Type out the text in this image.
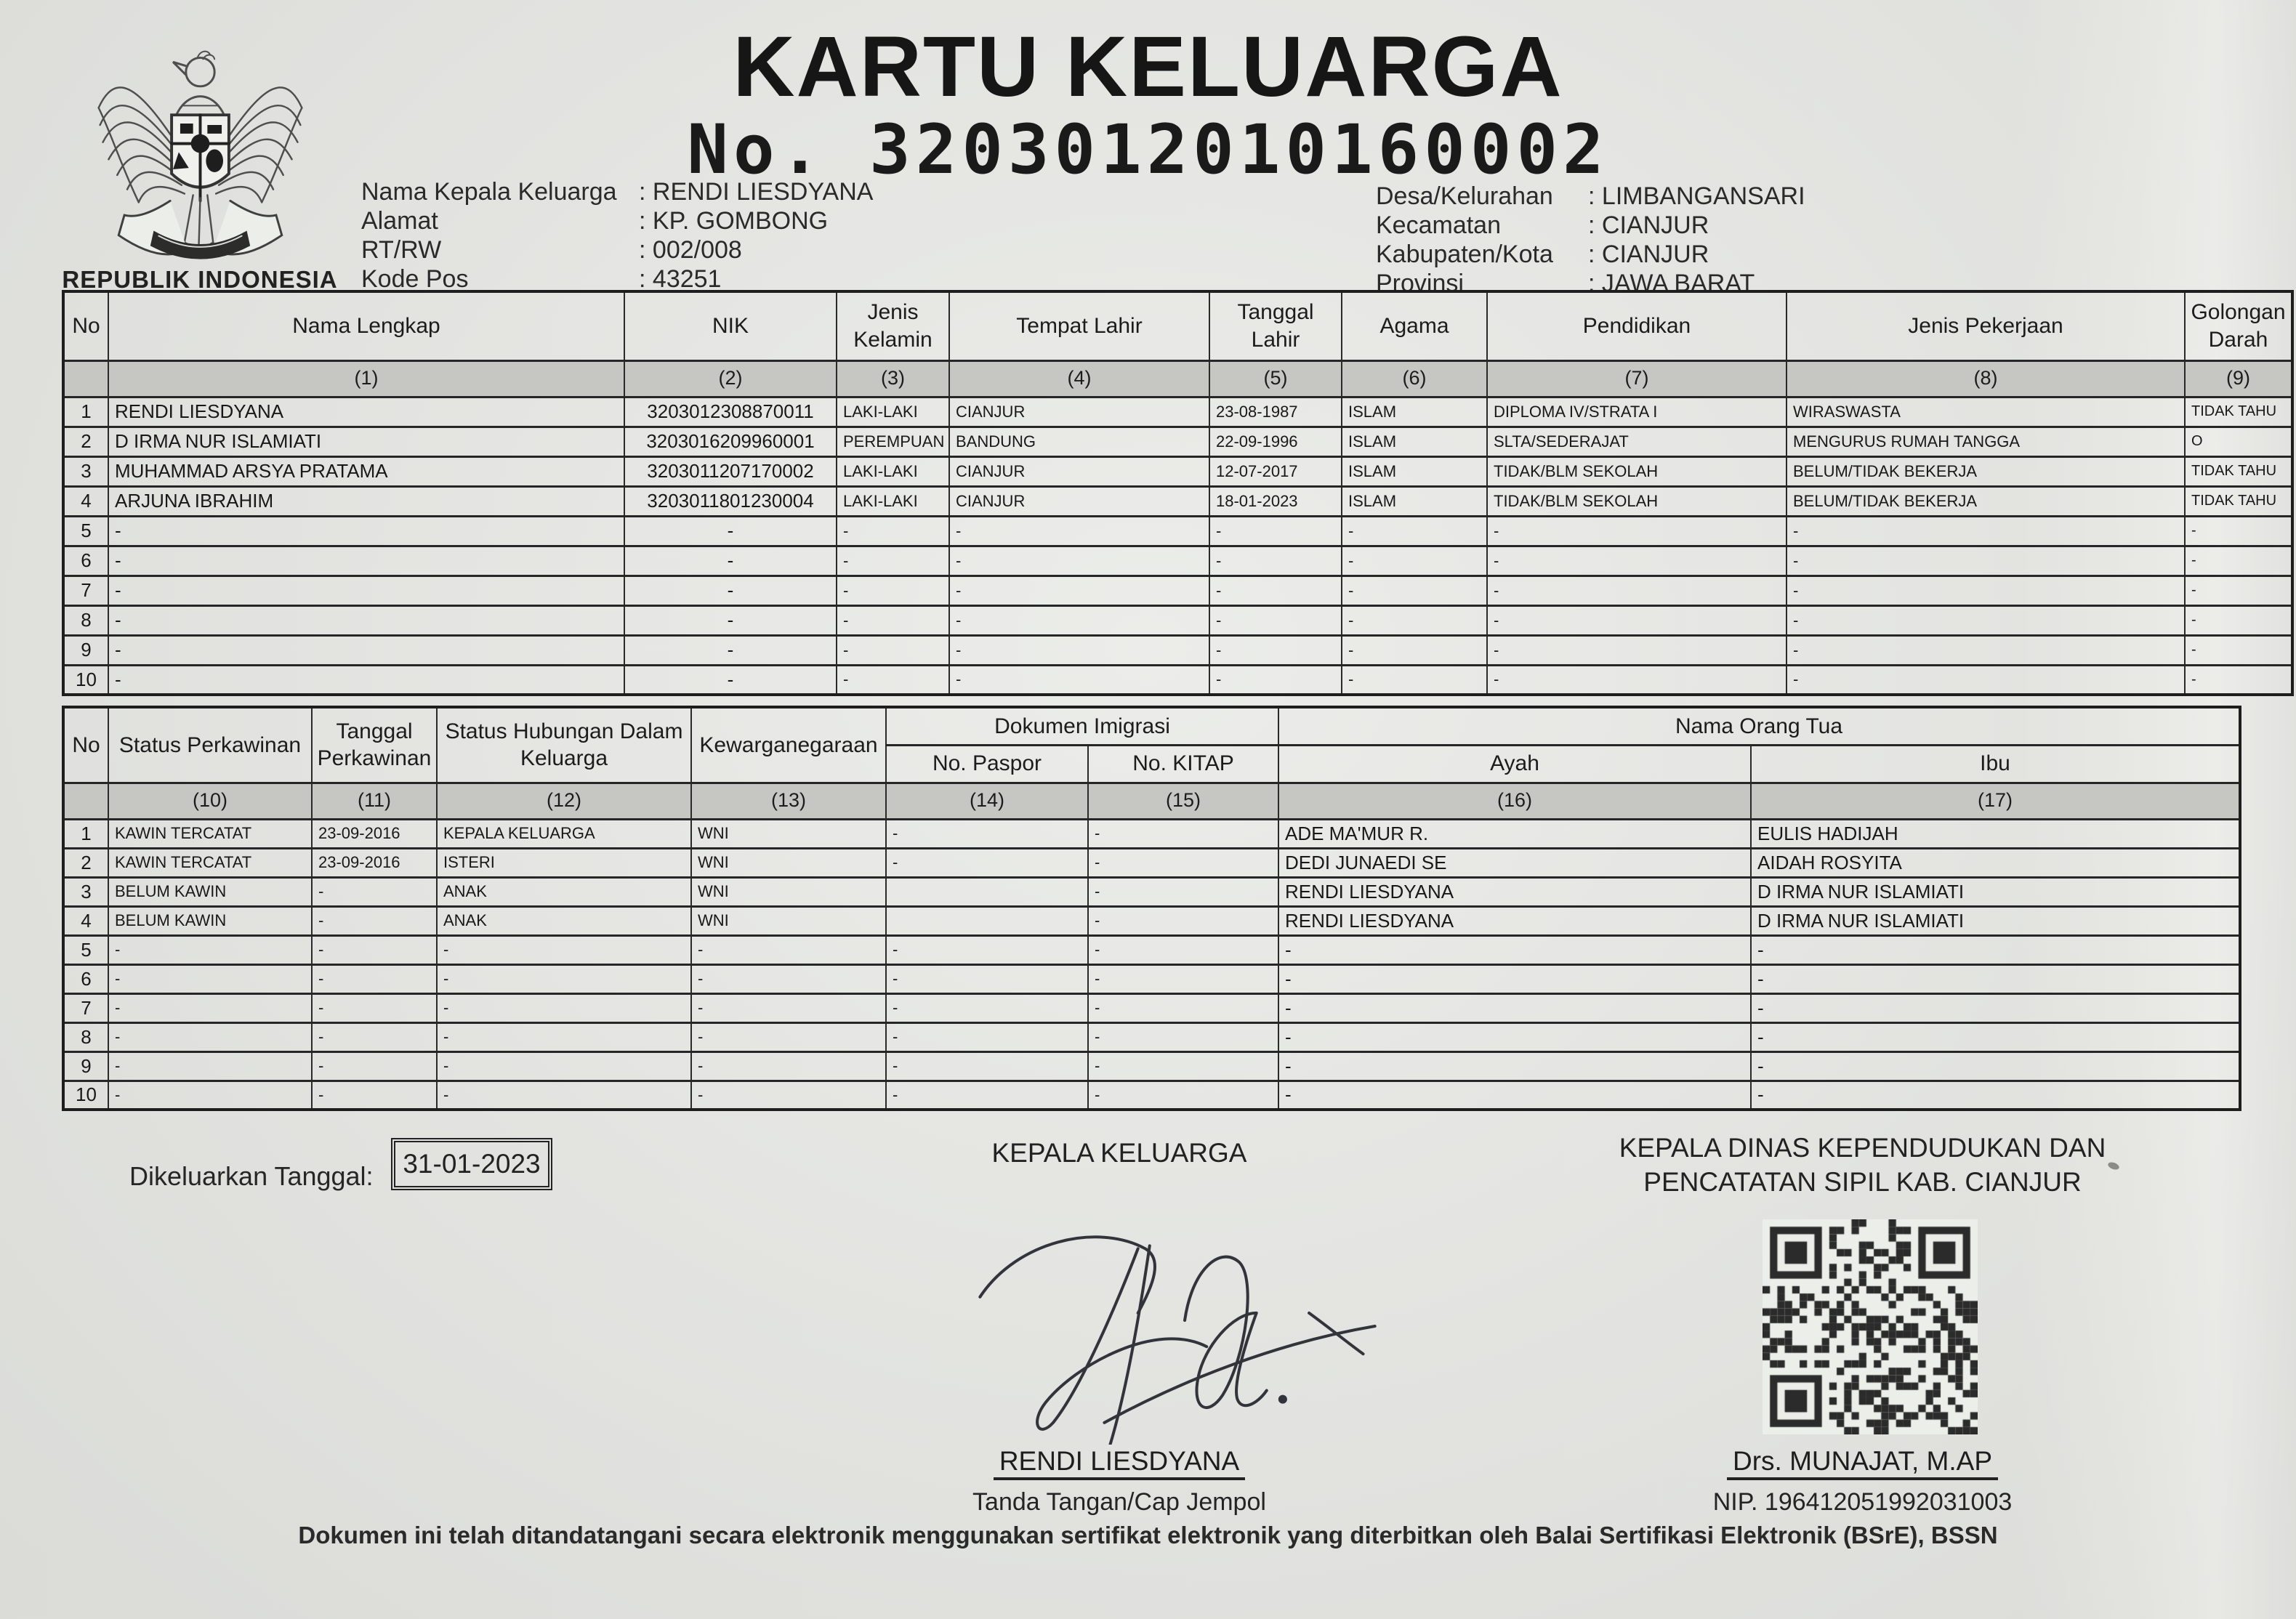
REPUBLIK INDONESIA
KARTU KELUARGA
No. 3203012010160002
Nama Kepala Keluarga	: RENDI LIESDYANA
Alamat	: KP. GOMBONG
RT/RW	: 002/008
Kode Pos	: 43251
Desa/Kelurahan	: LIMBANGANSARI
Kecamatan	: CIANJUR
Kabupaten/Kota	: CIANJUR
Provinsi	: JAWA BARAT
No	Nama Lengkap	NIK	Jenis Kelamin	Tempat Lahir	Tanggal Lahir	Agama	Pendidikan	Jenis Pekerjaan	Golongan Darah
	(1)	(2)	(3)	(4)	(5)	(6)	(7)	(8)	(9)
1	RENDI LIESDYANA	3203012308870011	LAKI-LAKI	CIANJUR	23-08-1987	ISLAM	DIPLOMA IV/STRATA I	WIRASWASTA	TIDAK TAHU
2	D IRMA NUR ISLAMIATI	3203016209960001	PEREMPUAN	BANDUNG	22-09-1996	ISLAM	SLTA/SEDERAJAT	MENGURUS RUMAH TANGGA	O
3	MUHAMMAD ARSYA PRATAMA	3203011207170002	LAKI-LAKI	CIANJUR	12-07-2017	ISLAM	TIDAK/BLM SEKOLAH	BELUM/TIDAK BEKERJA	TIDAK TAHU
4	ARJUNA IBRAHIM	3203011801230004	LAKI-LAKI	CIANJUR	18-01-2023	ISLAM	TIDAK/BLM SEKOLAH	BELUM/TIDAK BEKERJA	TIDAK TAHU
5	-	-	-	-	-	-	-	-	-
6	-	-	-	-	-	-	-	-	-
7	-	-	-	-	-	-	-	-	-
8	-	-	-	-	-	-	-	-	-
9	-	-	-	-	-	-	-	-	-
10	-	-	-	-	-	-	-	-	-
No	Status Perkawinan	Tanggal Perkawinan	Status Hubungan Dalam Keluarga	Kewarganegaraan	Dokumen Imigrasi		Nama Orang Tua	
					No. Paspor	No. KITAP	Ayah	Ibu
	(10)	(11)	(12)	(13)	(14)	(15)	(16)	(17)
1	KAWIN TERCATAT	23-09-2016	KEPALA KELUARGA	WNI	-	-	ADE MA'MUR R.	EULIS HADIJAH
2	KAWIN TERCATAT	23-09-2016	ISTERI	WNI	-	-	DEDI JUNAEDI SE	AIDAH ROSYITA
3	BELUM KAWIN	-	ANAK	WNI		-	RENDI LIESDYANA	D IRMA NUR ISLAMIATI
4	BELUM KAWIN	-	ANAK	WNI		-	RENDI LIESDYANA	D IRMA NUR ISLAMIATI
5	-	-	-	-	-	-	-	-
6	-	-	-	-	-	-	-	-
7	-	-	-	-	-	-	-	-
8	-	-	-	-	-	-	-	-
9	-	-	-	-	-	-	-	-
10	-	-	-	-	-	-	-	-
Dikeluarkan Tanggal: 31-01-2023	KEPALA KELUARGA	KEPALA DINAS KEPENDUDUKAN DAN
PENCATATAN SIPIL KAB. CIANJUR
RENDI LIESDYANA
Tanda Tangan/Cap Jempol
Drs. MUNAJAT, M.AP
NIP. 196412051992031003
Dokumen ini telah ditandatangani secara elektronik menggunakan sertifikat elektronik yang diterbitkan oleh Balai Sertifikasi Elektronik (BSrE), BSSN
